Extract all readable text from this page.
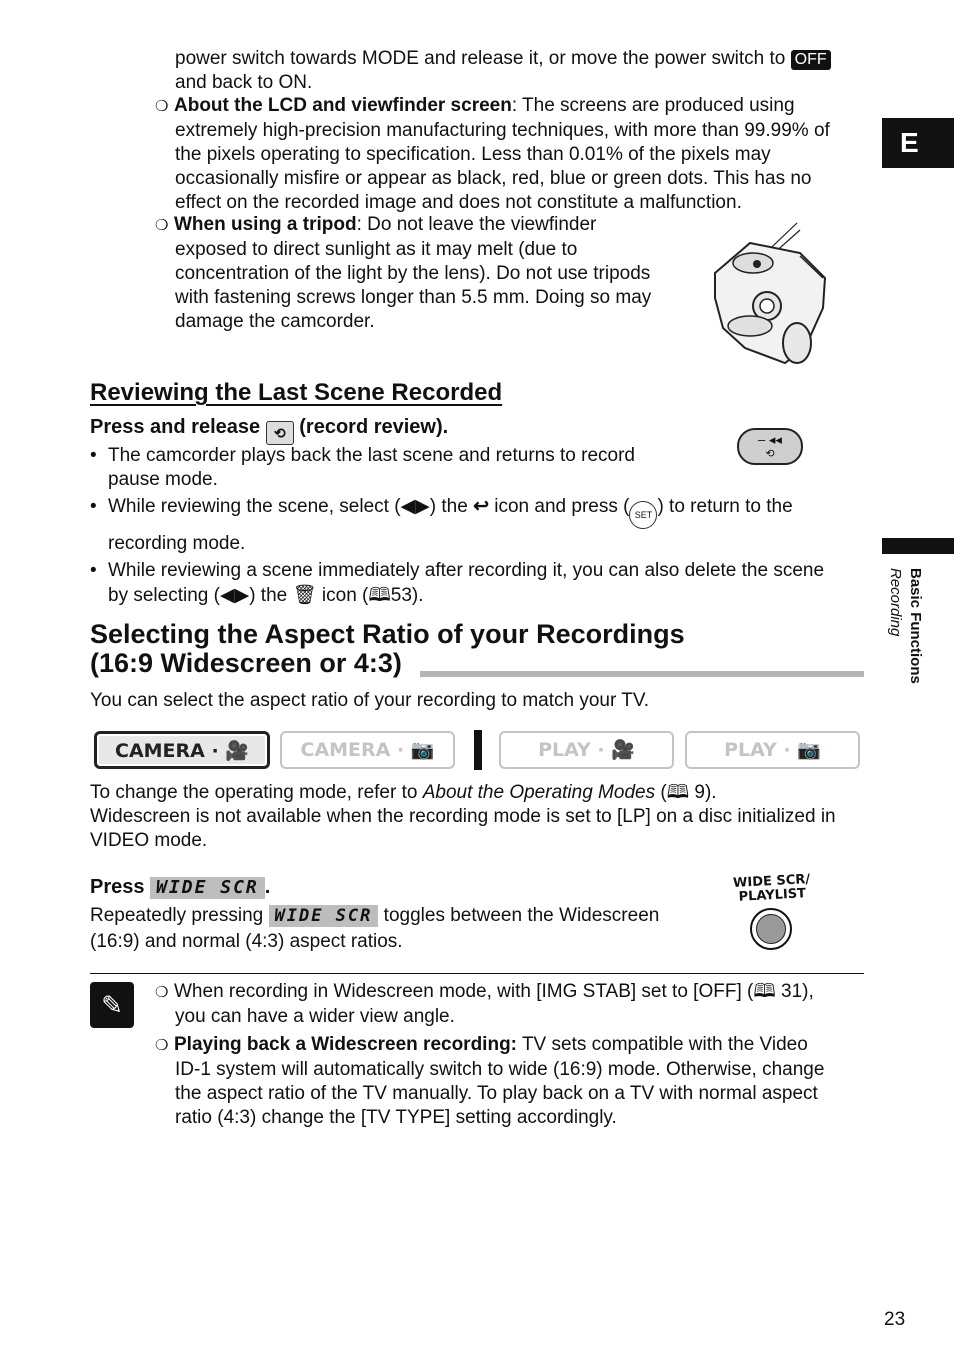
power switch towards MODE and release it, or move the power switch to OFF
and back to ON.
❍ About the LCD and viewfinder screen: The screens are produced using
extremely high-precision manufacturing techniques, with more than 99.99% of
the pixels operating to specification. Less than 0.01% of the pixels may
occasionally misfire or appear as black, red, blue or green dots. This has no
effect on the recorded image and does not constitute a malfunction.
❍ When using a tripod: Do not leave the viewfinder
exposed to direct sunlight as it may melt (due to
concentration of the light by the lens). Do not use tripods
with fastening screws longer than 5.5 mm. Doing so may
damage the camcorder.
E
Basic Functions
Recording
Reviewing the Last Scene Recorded
Press and release ⟲ (record review).
– ◂◂
⟲
• The camcorder plays back the last scene and returns to record
pause mode.
• While reviewing the scene, select (◀▶) the ↩ icon and press ( SET ) to return to the
recording mode.
• While reviewing a scene immediately after recording it, you can also delete the scene
by selecting (◀▶) the 🗑 icon (🕮53).
Selecting the Aspect Ratio of your Recordings
(16:9 Widescreen or 4:3)
You can select the aspect ratio of your recording to match your TV.
CAMERA · 🎥	CAMERA · 📷	PLAY · 🎥	PLAY · 📷
To change the operating mode, refer to About the Operating Modes (🕮 9).
Widescreen is not available when the recording mode is set to [LP] on a disc initialized in
VIDEO mode.
Press WIDE SCR .
Repeatedly pressing WIDE SCR toggles between the Widescreen
(16:9) and normal (4:3) aspect ratios.
WIDE SCR/
PLAYLIST
✎	❍ When recording in Widescreen mode, with [IMG STAB] set to [OFF] (🕮 31),
you can have a wider view angle.
❍ Playing back a Widescreen recording: TV sets compatible with the Video
ID-1 system will automatically switch to wide (16:9) mode. Otherwise, change
the aspect ratio of the TV manually. To play back on a TV with normal aspect
ratio (4:3) change the [TV TYPE] setting accordingly.
23
